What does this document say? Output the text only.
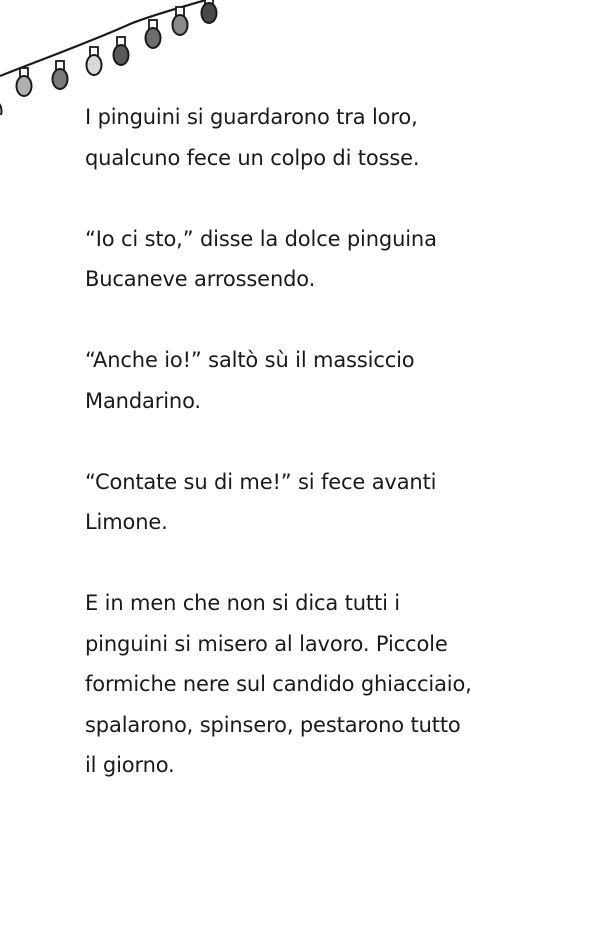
I pinguini si guardarono tra loro,
qualcuno fece un colpo di tosse.

“Io ci sto,” disse la dolce pinguina
Bucaneve arrossendo.

“Anche io!” saltò sù il massiccio
Mandarino.

“Contate su di me!” si fece avanti
Limone.

E in men che non si dica tutti i
pinguini si misero al lavoro. Piccole
formiche nere sul candido ghiacciaio,
spalarono, spinsero, pestarono tutto
il giorno.
